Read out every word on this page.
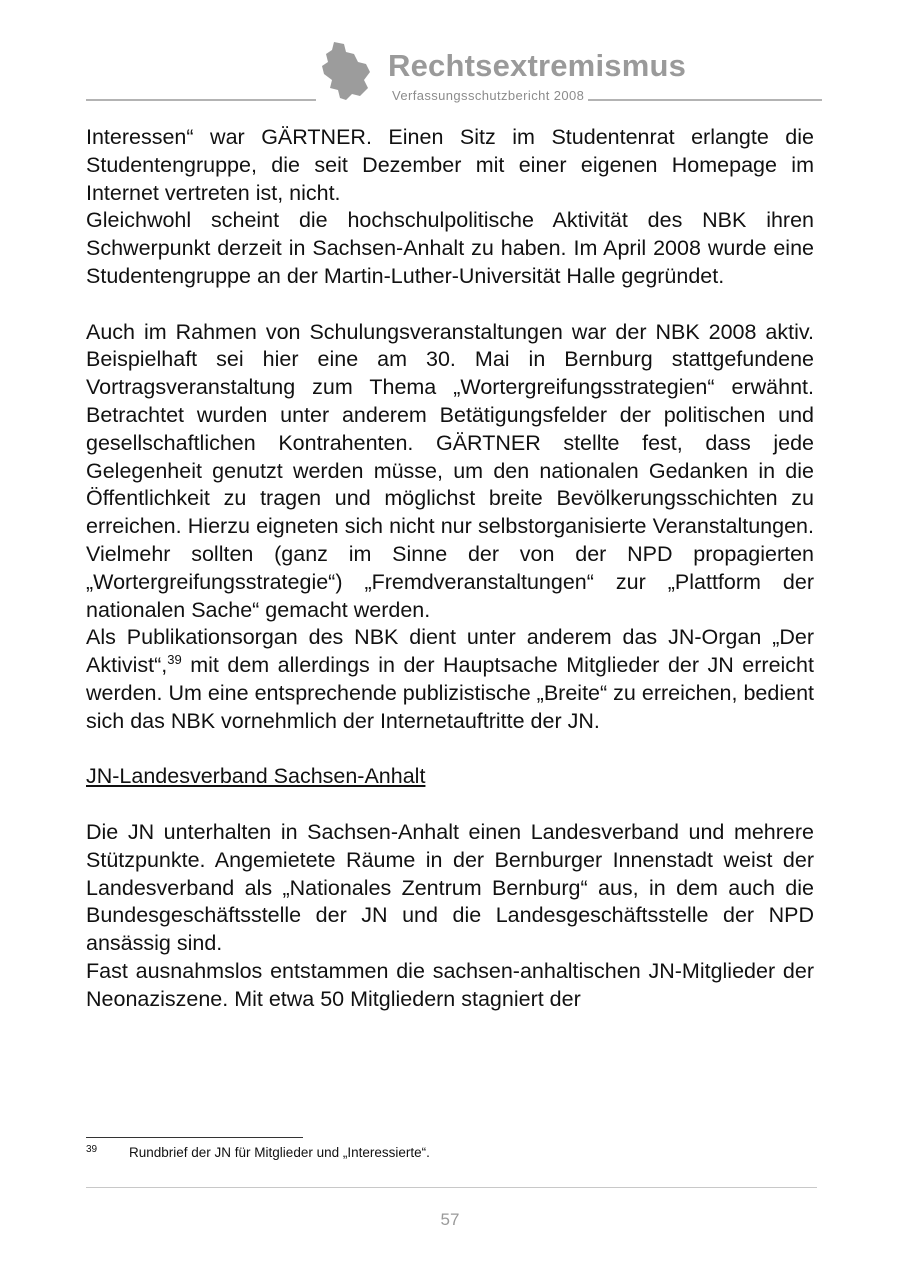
Rechtsextremismus
Verfassungsschutzbericht 2008

Interessen“ war GÄRTNER. Einen Sitz im Studentenrat erlangte die Studentengruppe, die seit Dezember mit einer eigenen Homepage im Internet vertreten ist, nicht.

Gleichwohl scheint die hochschulpolitische Aktivität des NBK ihren Schwerpunkt derzeit in Sachsen-Anhalt zu haben. Im April 2008 wurde eine Studentengruppe an der Martin-Luther-Universität Halle gegründet.

Auch im Rahmen von Schulungsveranstaltungen war der NBK 2008 aktiv. Beispielhaft sei hier eine am 30. Mai in Bernburg stattgefundene Vortragsveranstaltung zum Thema „Wortergreifungsstrategien“ erwähnt. Betrachtet wurden unter anderem Betätigungsfelder der politischen und gesellschaftlichen Kontrahenten. GÄRTNER stellte fest, dass jede Gelegenheit genutzt werden müsse, um den nationalen Gedanken in die Öffentlichkeit zu tragen und möglichst breite Bevölkerungsschichten zu erreichen. Hierzu eigneten sich nicht nur selbstorganisierte Veranstaltungen. Vielmehr sollten (ganz im Sinne der von der NPD propagierten „Wortergreifungsstrategie“) „Fremdveranstaltungen“ zur „Plattform der nationalen Sache“ gemacht werden.

Als Publikationsorgan des NBK dient unter anderem das JN-Organ „Der Aktivist“,$^{39}$ mit dem allerdings in der Hauptsache Mitglieder der JN erreicht werden. Um eine entsprechende publizistische „Breite“ zu erreichen, bedient sich das NBK vornehmlich der Internetauftritte der JN.

JN-Landesverband Sachsen-Anhalt

Die JN unterhalten in Sachsen-Anhalt einen Landesverband und mehrere Stützpunkte. Angemietete Räume in der Bernburger Innenstadt weist der Landesverband als „Nationales Zentrum Bernburg“ aus, in dem auch die Bundesgeschäftsstelle der JN und die Landesgeschäftsstelle der NPD ansässig sind.

Fast ausnahmslos entstammen die sachsen-anhaltischen JN-Mitglieder der Neonaziszene. Mit etwa 50 Mitgliedern stagniert der

39 Rundbrief der JN für Mitglieder und „Interessierte“.
57
